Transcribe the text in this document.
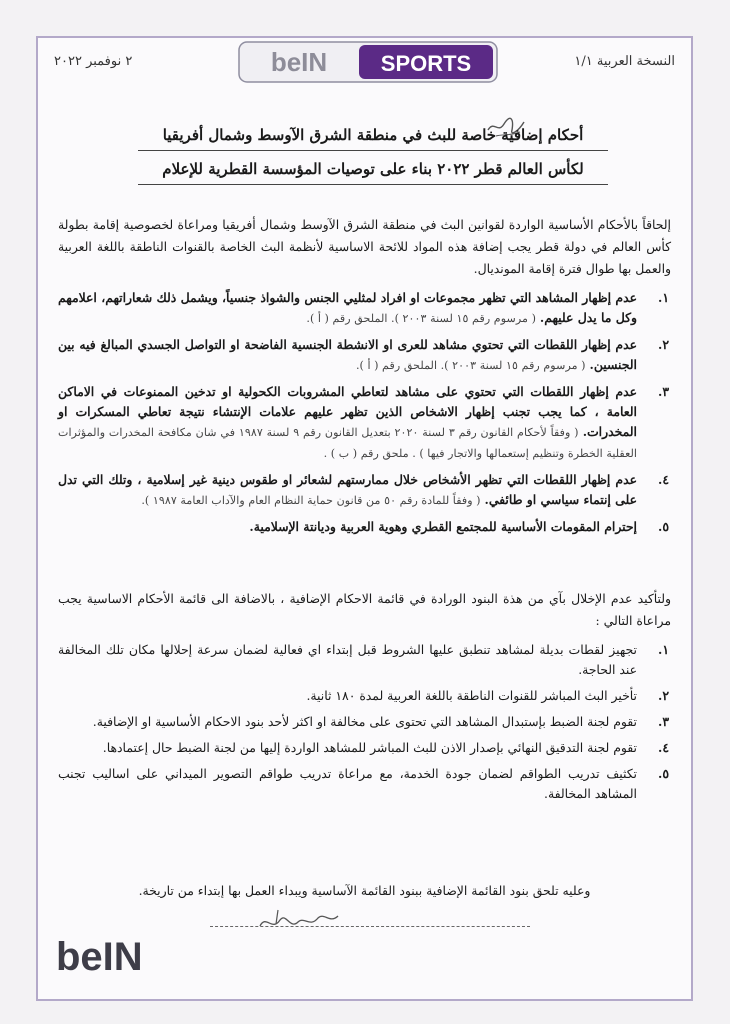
٢ نوفمبر ٢٠٢٢	النسخة العربية ١/١
beIN SPORTS
أحكام إضافية خاصة للبث في منطقة الشرق الآوسط وشمال أفريقيا
لكأس العالم قطر ٢٠٢٢ بناء على توصيات المؤسسة القطرية للإعلام
إلحاقاً بالأحكام الأساسية الواردة لقوانين البث في منطقة الشرق الآوسط وشمال أفريقيا ومراعاة لخصوصية إقامة بطولة كأس العالم في دولة قطر يجب إضافة هذه المواد للائحة الاساسية لأنظمة البث الخاصة بالقنوات الناطقة باللغة العربية والعمل بها طوال فترة إقامة المونديال.
١.
عدم إظهار المشاهد التي تظهر مجموعات او افراد لمثليي الجنس والشواذ جنسياً، ويشمل ذلك شعاراتهم، اعلامهم وكل ما يدل عليهم. ( مرسوم رقم ١٥ لسنة ٢٠٠٣ ). الملحق رقم ( أ ).
٢.
عدم إظهار اللقطات التي تحتوي مشاهد للعرى او الانشطة الجنسية الفاضحة او التواصل الجسدي المبالغ فيه بين الجنسين. ( مرسوم رقم ١٥ لسنة ٢٠٠٣ ). الملحق رقم ( أ ).
٣.
عدم إظهار اللقطات التي تحتوي على مشاهد لتعاطي المشروبات الكحولية او تدخين الممنوعات في الاماكن العامة ، كما يجب تجنب إظهار الاشخاص الذين تظهر عليهم علامات الإنتشاء نتيجة تعاطي المسكرات او المخدرات. ( وفقاً لأحكام القانون رقم ٣ لسنة ٢٠٢٠ بتعديل القانون رقم ٩ لسنة ١٩٨٧ في شان مكافحة المخدرات والمؤثرات العقلية الخطرة وتنظيم إستعمالها والاتجار فيها ) . ملحق رقم ( ب ) .
٤.
عدم إظهار اللقطات التي تظهر الأشخاص خلال ممارستهم لشعائر او طقوس دينية غير إسلامية ، وتلك التي تدل على إنتماء سياسي او طائفي. ( وفقاً للمادة رقم ٥٠ من قانون حماية النظام العام والآداب العامة ١٩٨٧ ).
٥.
إحترام المقومات الأساسية للمجتمع القطري وهوية العربية وديانتة الإسلامية.
ولتأكيد عدم الإخلال بآي من هذة البنود الورادة في قائمة الاحكام الإضافية ، بالاضافة الى قائمة الأحكام الاساسية يجب مراعاة التالي :
١.
تجهيز لقطات بديلة لمشاهد تنطبق عليها الشروط قبل إبتداء اي فعالية لضمان سرعة إحلالها مكان تلك المخالفة عند الحاجة.
٢.
تأخير البث المباشر للقنوات الناطقة باللغة العربية لمدة ١٨٠ ثانية.
٣.
تقوم لجنة الضبط بإستبدال المشاهد التي تحتوى على مخالفة او اكثر لأحد بنود الاحكام الأساسية او الإضافية.
٤.
تقوم لجنة التدقيق النهائي بإصدار الاذن للبث المباشر للمشاهد الواردة إليها من لجنة الضبط حال إعتمادها.
٥.
تكثيف تدريب الطواقم لضمان جودة الخدمة، مع مراعاة تدريب طواقم التصوير الميداني على اساليب تجنب المشاهد المخالفة.
وعليه تلحق بنود القائمة الإضافية ببنود القائمة الآساسية ويبداء العمل بها إبتداء من تاريخة.
beIN
